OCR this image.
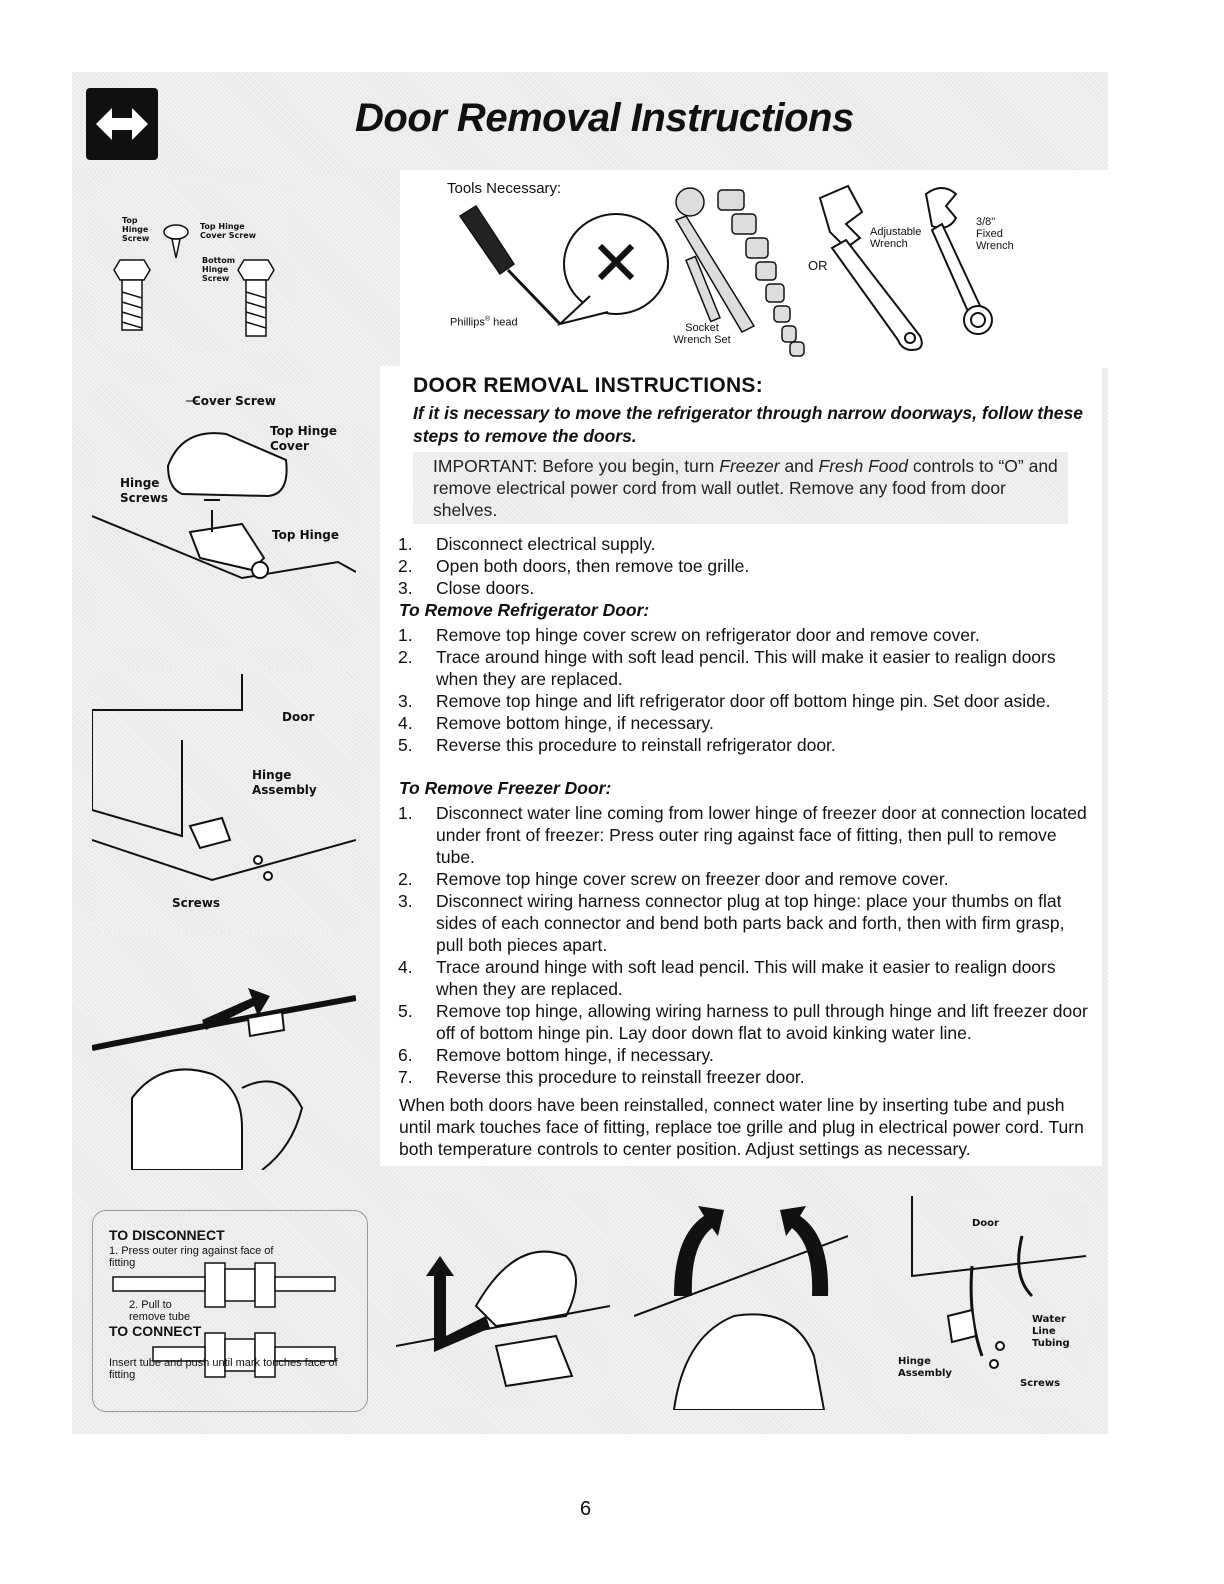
Door Removal Instructions
Top Hinge Screw
Top Hinge Cover Screw
Bottom Hinge Screw
Tools Necessary:
Phillips® head	Socket Wrench Set
OR
Adjustable Wrench
3/8" Fixed Wrench
Cover Screw
Top Hinge Cover
Hinge Screws
Top Hinge
Door
Hinge Assembly
Screws
DOOR REMOVAL INSTRUCTIONS:
If it is necessary to move the refrigerator through narrow doorways, follow these steps to remove the doors.
IMPORTANT: Before you begin, turn Freezer and Fresh Food controls to “O” and remove electrical power cord from wall outlet. Remove any food from door shelves.
1. Disconnect electrical supply.
2. Open both doors, then remove toe grille.
3. Close doors.
To Remove Refrigerator Door:
1. Remove top hinge cover screw on refrigerator door and remove cover.
2. Trace around hinge with soft lead pencil. This will make it easier to realign doors when they are replaced.
3. Remove top hinge and lift refrigerator door off bottom hinge pin. Set door aside.
4. Remove bottom hinge, if necessary.
5. Reverse this procedure to reinstall refrigerator door.
To Remove Freezer Door:
1. Disconnect water line coming from lower hinge of freezer door at connection located under front of freezer: Press outer ring against face of fitting, then pull to remove tube.
2. Remove top hinge cover screw on freezer door and remove cover.
3. Disconnect wiring harness connector plug at top hinge: place your thumbs on flat sides of each connector and bend both parts back and forth, then with firm grasp, pull both pieces apart.
4. Trace around hinge with soft lead pencil. This will make it easier to realign doors when they are replaced.
5. Remove top hinge, allowing wiring harness to pull through hinge and lift freezer door off of bottom hinge pin. Lay door down flat to avoid kinking water line.
6. Remove bottom hinge, if necessary.
7. Reverse this procedure to reinstall freezer door.
When both doors have been reinstalled, connect water line by inserting tube and push until mark touches face of fitting, replace toe grille and plug in electrical power cord. Turn both temperature controls to center position. Adjust settings as necessary.
TO DISCONNECT
1. Press outer ring against face of fitting
2. Pull to remove tube
TO CONNECT
Insert tube and push until mark touches face of fitting
Door
Water Line Tubing
Hinge Assembly
Screws
6
